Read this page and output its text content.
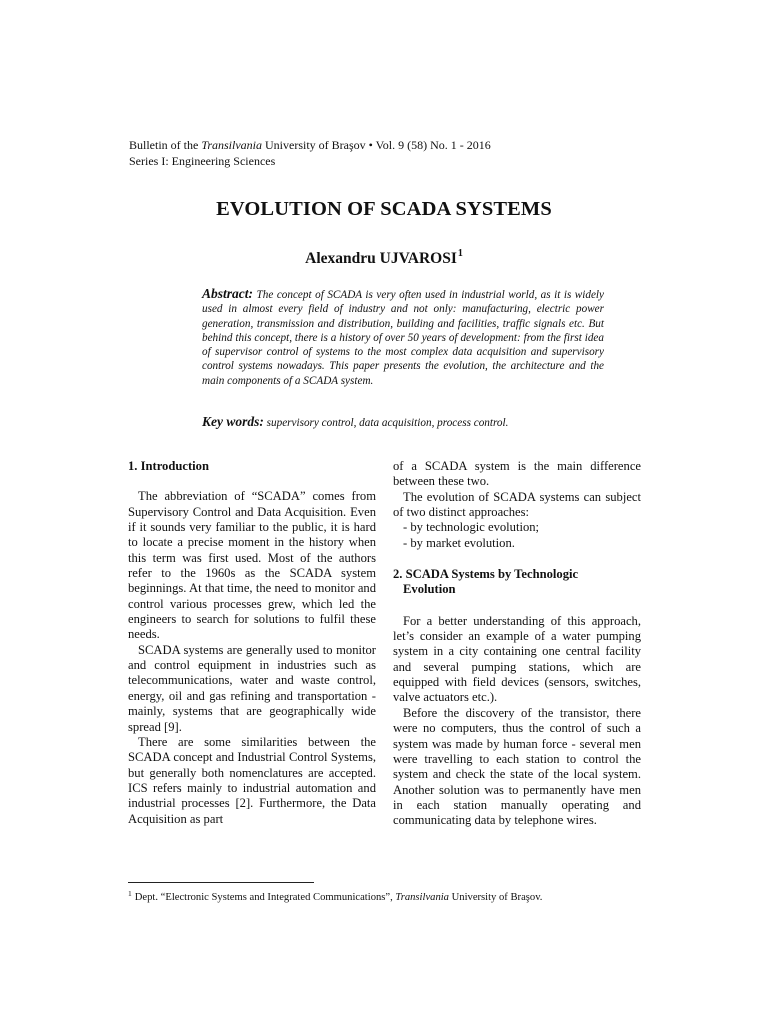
Bulletin of the Transilvania University of Braşov • Vol. 9 (58) No. 1 - 2016
Series I: Engineering Sciences
EVOLUTION OF SCADA SYSTEMS
Alexandru UJVAROSI$^1$
Abstract: The concept of SCADA is very often used in industrial world, as it is widely used in almost every field of industry and not only: manufacturing, electric power generation, transmission and distribution, building and facilities, traffic signals etc. But behind this concept, there is a history of over 50 years of development: from the first idea of supervisor control of systems to the most complex data acquisition and supervisory control systems nowadays. This paper presents the evolution, the architecture and the main components of a SCADA system.
Key words: supervisory control, data acquisition, process control.
1. Introduction

The abbreviation of “SCADA” comes from Supervisory Control and Data Acquisition. Even if it sounds very familiar to the public, it is hard to locate a precise moment in the history when this term was first used. Most of the authors refer to the 1960s as the SCADA system beginnings. At that time, the need to monitor and control various processes grew, which led the engineers to search for solutions to fulfil these needs.

SCADA systems are generally used to monitor and control equipment in industries such as telecommunications, water and waste control, energy, oil and gas refining and transportation - mainly, systems that are geographically wide spread [9].

There are some similarities between the SCADA concept and Industrial Control Systems, but generally both nomenclatures are accepted. ICS refers mainly to industrial automation and industrial processes [2]. Furthermore, the Data Acquisition as part

of a SCADA system is the main difference between these two.

The evolution of SCADA systems can subject of two distinct approaches:

- by technologic evolution;

- by market evolution.

2. SCADA Systems by Technologic
Evolution

For a better understanding of this approach, let’s consider an example of a water pumping system in a city containing one central facility and several pumping stations, which are equipped with field devices (sensors, switches, valve actuators etc.).

Before the discovery of the transistor, there were no computers, thus the control of such a system was made by human force - several men were travelling to each station to control the system and check the state of the local system. Another solution was to permanently have men in each station manually operating and communicating data by telephone wires.

$^1$ Dept. “Electronic Systems and Integrated Communications”, Transilvania University of Braşov.
